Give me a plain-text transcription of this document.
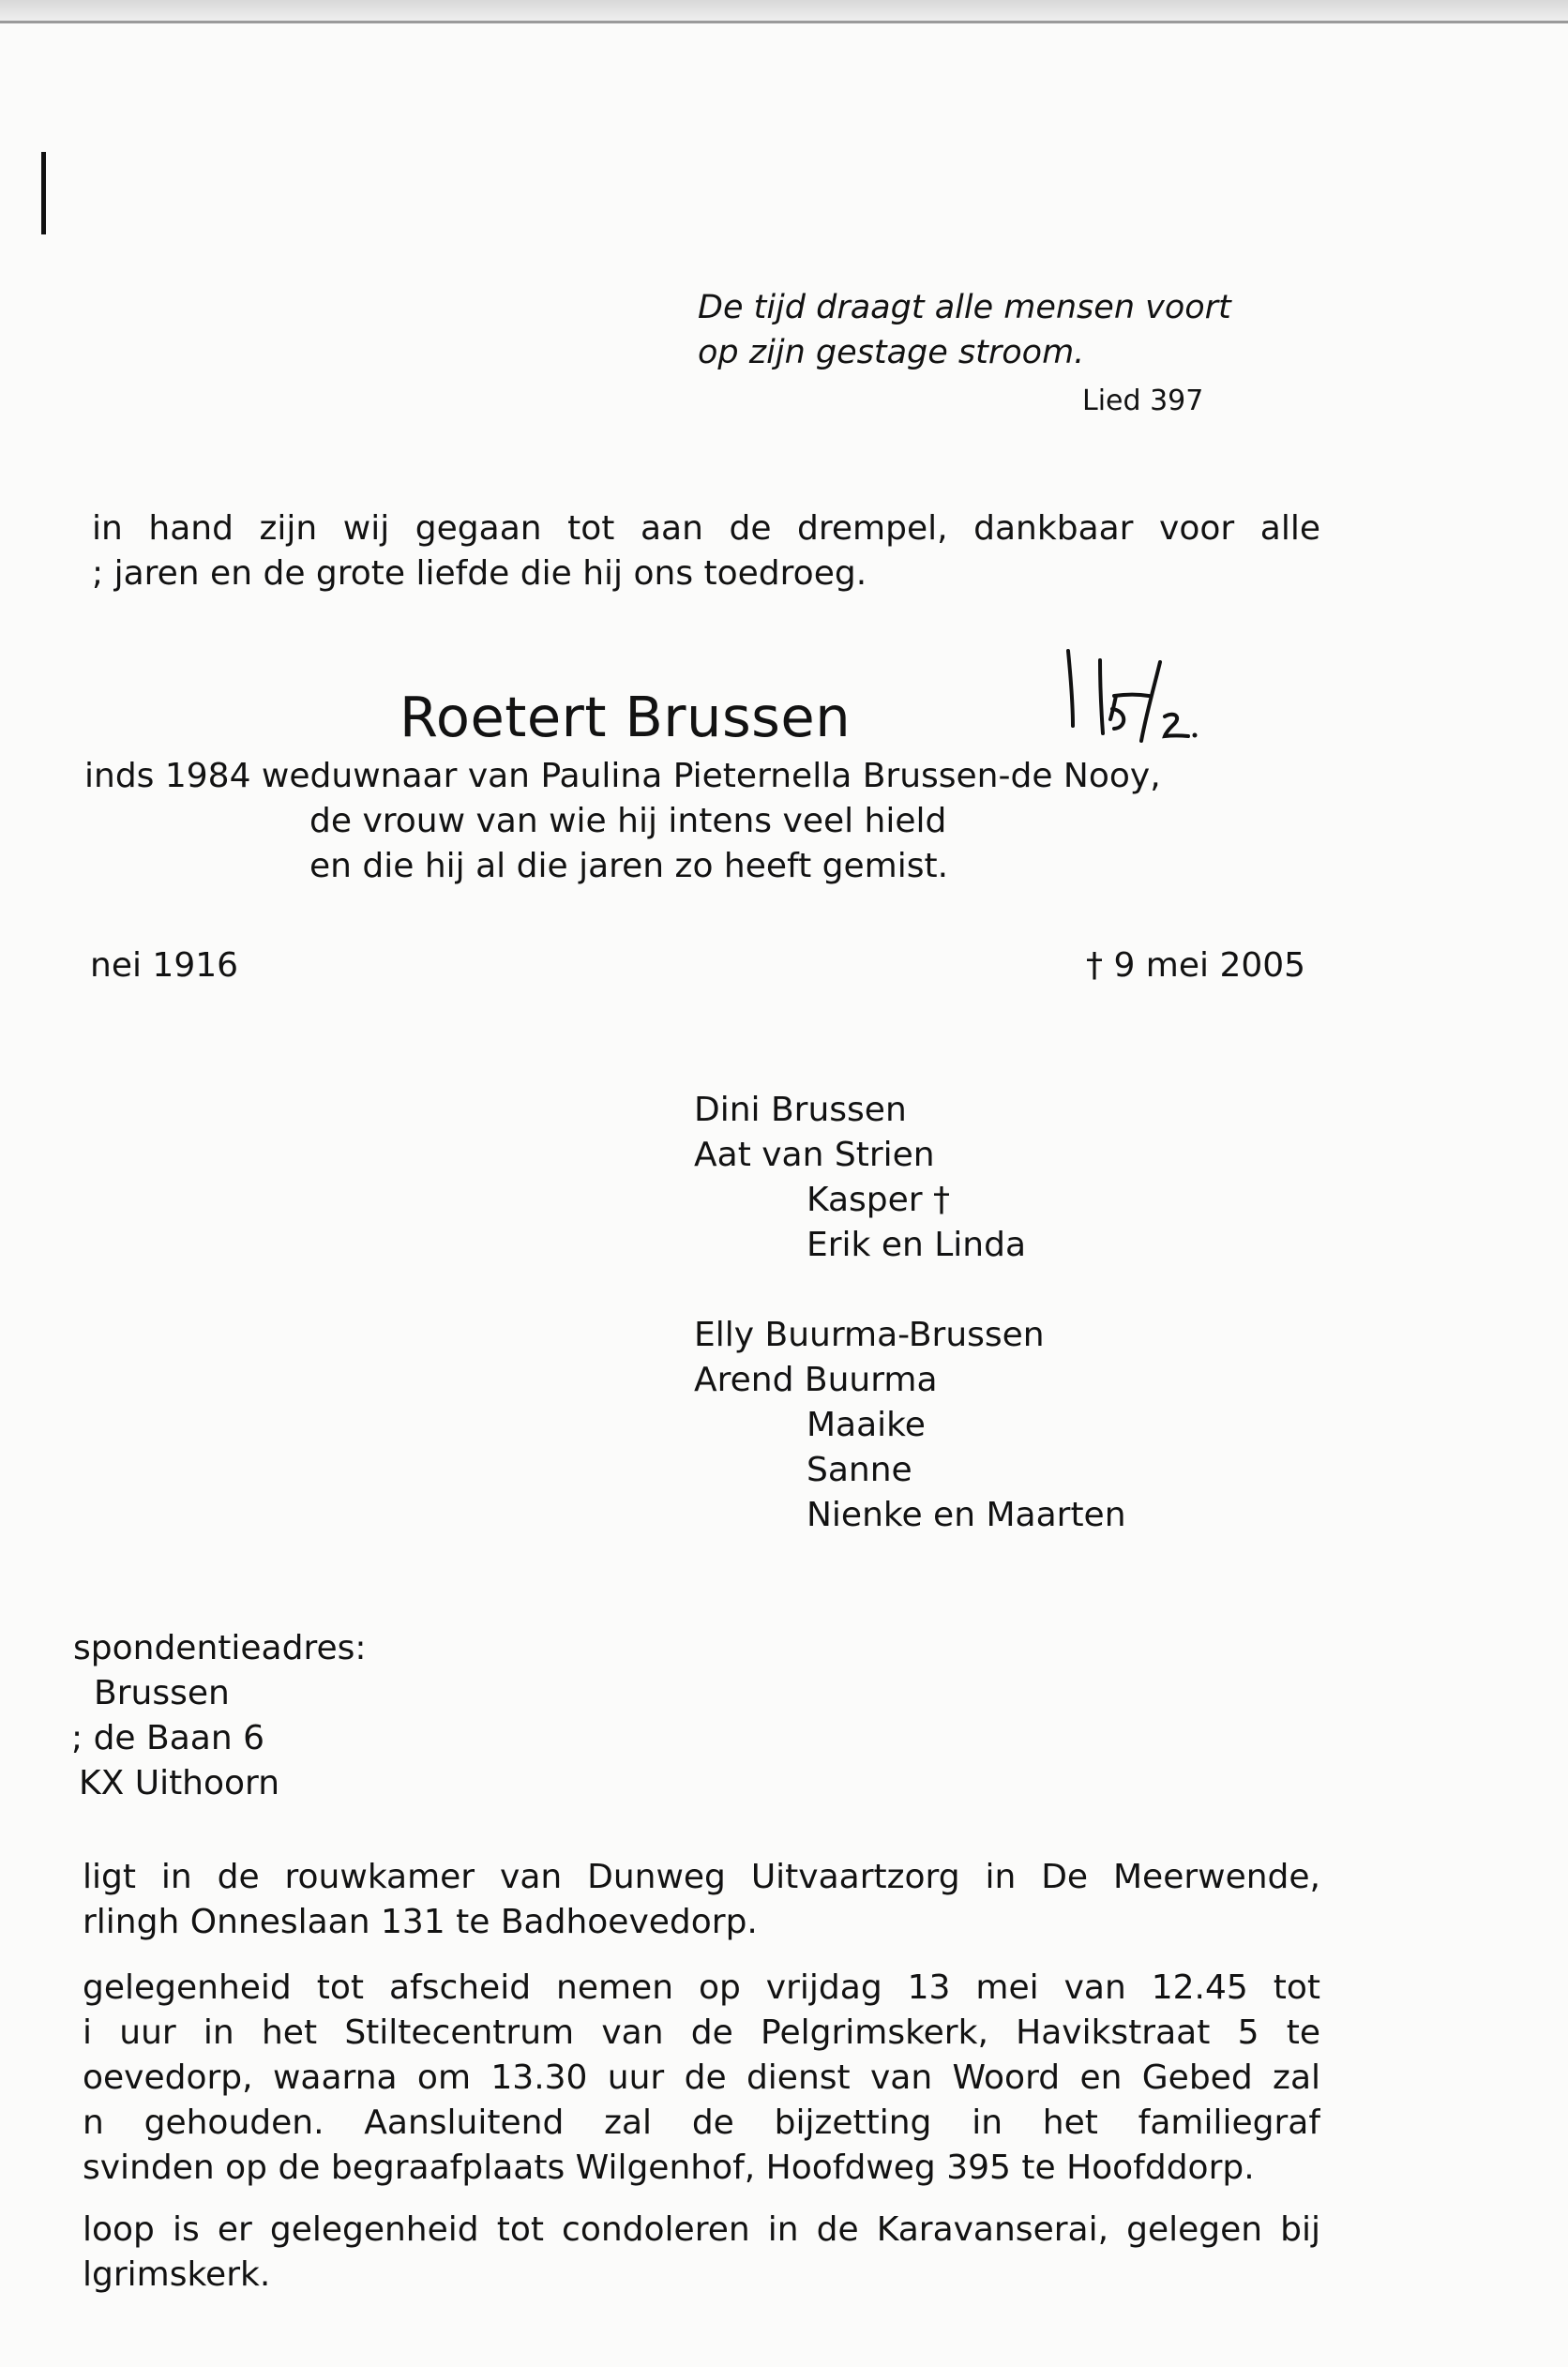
De tijd draagt alle mensen voort
op zijn gestage stroom.
Lied 397
in hand zijn wij gegaan tot aan de drempel, dankbaar voor alle
; jaren en de grote liefde die hij ons toedroeg.
Roetert Brussen
inds 1984 weduwnaar van Paulina Pieternella Brussen-de Nooy,
de vrouw van wie hij intens veel hield
en die hij al die jaren zo heeft gemist.
nei 1916	† 9 mei 2005
Dini Brussen
Aat van Strien
Kasper †
Erik en Linda
Elly Buurma-Brussen
Arend Buurma
Maaike
Sanne
Nienke en Maarten
spondentieadres:
Brussen
; de Baan 6
KX Uithoorn
ligt in de rouwkamer van Dunweg Uitvaartzorg in De Meerwende,
rlingh Onneslaan 131 te Badhoevedorp.
gelegenheid tot afscheid nemen op vrijdag 13 mei van 12.45 tot
i uur in het Stiltecentrum van de Pelgrimskerk, Havikstraat 5 te
oevedorp, waarna om 13.30 uur de dienst van Woord en Gebed zal
n gehouden. Aansluitend zal de bijzetting in het familiegraf
svinden op de begraafplaats Wilgenhof, Hoofdweg 395 te Hoofddorp.
loop is er gelegenheid tot condoleren in de Karavanserai, gelegen bij
lgrimskerk.
